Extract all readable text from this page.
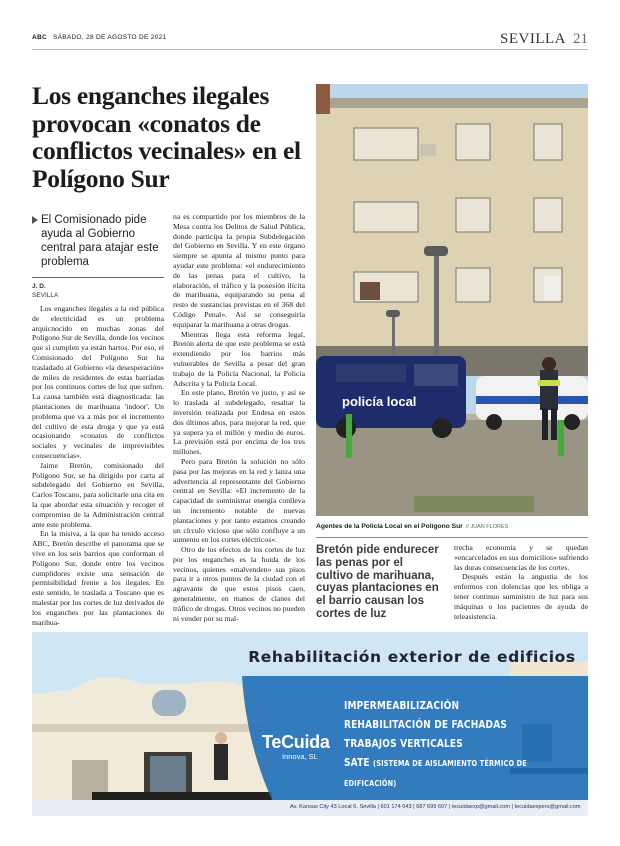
ABC SÁBADO, 28 DE AGOSTO DE 2021	SEVILLA 21
Los enganches ilegales provocan «conatos de conflictos vecinales» en el Polígono Sur
El Comisionado pide ayuda al Gobierno central para atajar este problema
J. D.
SEVILLA

Los enganches ilegales a la red pública de electricidad es un problema arquicnocido en muchas zonas del Polígono Sur de Sevilla, donde los vecinos que sí cumplen ya están hartos. Por eso, el Comisionado del Polígono Sur ha trasladado al Gobierno «la desesperación» de miles de residentes de estas barriadas por los continuos cortes de luz que sufren. La causa también está diagnosticada: las plantaciones de marihuana 'indoor'. Un problema que va a más por el incremento del cultivo de esta droga y que ya está ocasionando «conatos de conflictos sociales y vecinales de imprevisibles consecuencias».

Jaime Bretón, comisionado del Polígono Sur, se ha dirigido por carta al subdelegado del Gobierno en Sevilla, Carlos Toscano, para solicitarle una cita en la que abordar esta situación y recoger el compromiso de la Administración central ante este problema.

En la misiva, a la que ha tenido acceso ABC, Bretón describe el panorama que se vive en los seis barrios que conforman el Polígono Sur, donde entre los vecinos cumplidores existe una sensación de permisibilidad frente a los ilegales. En este sentido, le traslada a Toscano que es malestar por los cortes de luz derivados de los enganches por las plantaciones de marihua-

na es compartido por los miembros de la Mesa contra los Delitos de Salud Pública, donde participa la propia Subdelegación del Gobierno en Sevilla. Y en este órgano siempre se apunta al mismo punto para ayudar este problema: «el endurecimiento de las penas para el cultivo, la elaboración, el tráfico y la posesión ilícita de marihuana, equiparando su pena al resto de sustancias previstas en el 368 del Código Penal». Así se conseguiría equiparar la marihuana a otras drogas.

Mientras llega esta reforma legal, Bretón alerta de que este problema se está extendiendo por los barrios más vulnerables de Sevilla a pesar del gran trabajo de la Policía Nacional, la Policía Adscrita y la Policía Local.

En este plano, Bretón ve justo, y así se lo traslada al subdelegado, resaltar la inversión realizada por Endesa en estos dos últimos años, para mejorar la red, que ya supera ya el millón y medio de euros. La previsión está por encima de los tres millones.

Pero para Bretón la solución no sólo pasa por las mejoras en la red y lanza una advertencia al representante del Gobierno central en Sevilla: «El incremento de la capacidad de suministrar energía conlleva un incremento notable de nuevas plantaciones y por tanto estamos creando un círculo vicioso que sólo confluye a un aumento en los cortes eléctricos».

Otro de los efectos de los cortes de luz por los enganches es la huida de los vecinos, quienes «malvenden» sus pisos para ir a otros puntos de la ciudad con el agravante de que estos pisos caen, generalmente, en manos de clanes del tráfico de drogas. Otros vecinos no pueden ni vender por su mal-

policía local
Agentes de la Policía Local en el Polígono Sur // JUAN FLORES
Bretón pide endurecer las penas por el cultivo de marihuana, cuyas plantaciones en el barrio causan los cortes de luz

trecha economía y se quedan «encarcelados en sus domicilios» sufriendo las duras consecuencias de los cortes.

Después están la angustia de los enfermos con dolencias que les obliga a tener continuo suministro de luz para sus máquinas o los pacientes de ayuda de teleasistencia.

Rehabilitación exterior de edificios
IMPERMEABILIZACIÓN
REHABILITACIÓN DE FACHADAS
TRABAJOS VERTICALES
SATE (SISTEMA DE AISLAMIENTO TÉRMICO DE EDIFICACIÓN)
TeCuida
Innova, SL
Av. Kansas City 43 Local 6. Sevilla | 601 174 043 | 687 699 607 | tecuidaexp@gmail.com | tecuidaexpers@gmail.com
